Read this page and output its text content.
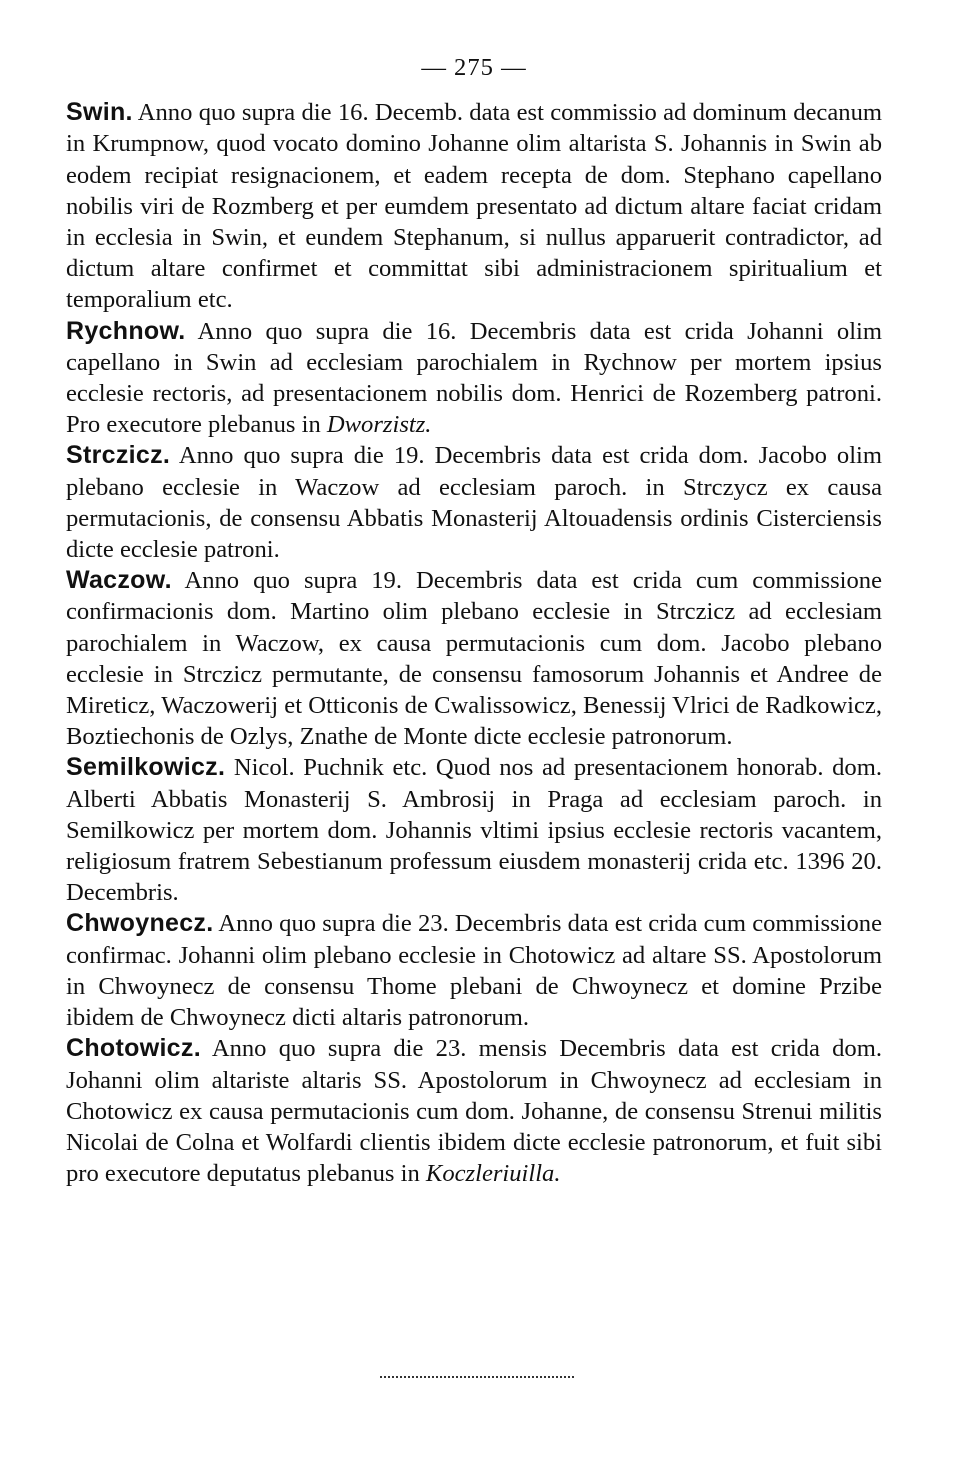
— 275 —

Swin. Anno quo supra die 16. Decemb. data est commissio ad dominum decanum in Krumpnow, quod vocato domino Johanne olim altarista S. Johannis in Swin ab eodem recipiat resignacionem, et eadem recepta de dom. Stephano capellano nobilis viri de Rozmberg et per eumdem presentato ad dictum altare faciat cridam in ecclesia in Swin, et eundem Stephanum, si nullus apparuerit contradictor, ad dictum altare confirmet et committat sibi administracionem spiritualium et temporalium etc.

Rychnow. Anno quo supra die 16. Decembris data est crida Johanni olim capellano in Swin ad ecclesiam parochialem in Rychnow per mortem ipsius ecclesie rectoris, ad presentacionem nobilis dom. Henrici de Rozemberg patroni. Pro executore plebanus in Dworzistz.

Strczicz. Anno quo supra die 19. Decembris data est crida dom. Jacobo olim plebano ecclesie in Waczow ad ecclesiam paroch. in Strczycz ex causa permutacionis, de consensu Abbatis Monasterij Altouadensis ordinis Cisterciensis dicte ecclesie patroni.

Waczow. Anno quo supra 19. Decembris data est crida cum commissione confirmacionis dom. Martino olim plebano ecclesie in Strczicz ad ecclesiam parochialem in Waczow, ex causa permutacionis cum dom. Jacobo plebano ecclesie in Strczicz permutante, de consensu famosorum Johannis et Andree de Mireticz, Waczowerij et Otticonis de Cwalissowicz, Benessij Vlrici de Radkowicz, Boztiechonis de Ozlys, Znathe de Monte dicte ecclesie patronorum.

Semilkowicz. Nicol. Puchnik etc. Quod nos ad presentacionem honorab. dom. Alberti Abbatis Monasterij S. Ambrosij in Praga ad ecclesiam paroch. in Semilkowicz per mortem dom. Johannis vltimi ipsius ecclesie rectoris vacantem, religiosum fratrem Sebestianum professum eiusdem monasterij crida etc. 1396 20. Decembris.

Chwoynecz. Anno quo supra die 23. Decembris data est crida cum commissione confirmac. Johanni olim plebano ecclesie in Chotowicz ad altare SS. Apostolorum in Chwoynecz de consensu Thome plebani de Chwoynecz et domine Przibe ibidem de Chwoynecz dicti altaris patronorum.

Chotowicz. Anno quo supra die 23. mensis Decembris data est crida dom. Johanni olim altariste altaris SS. Apostolorum in Chwoynecz ad ecclesiam in Chotowicz ex causa permutacionis cum dom. Johanne, de consensu Strenui militis Nicolai de Colna et Wolfardi clientis ibidem dicte ecclesie patronorum, et fuit sibi pro executore deputatus plebanus in Koczleriuilla.
